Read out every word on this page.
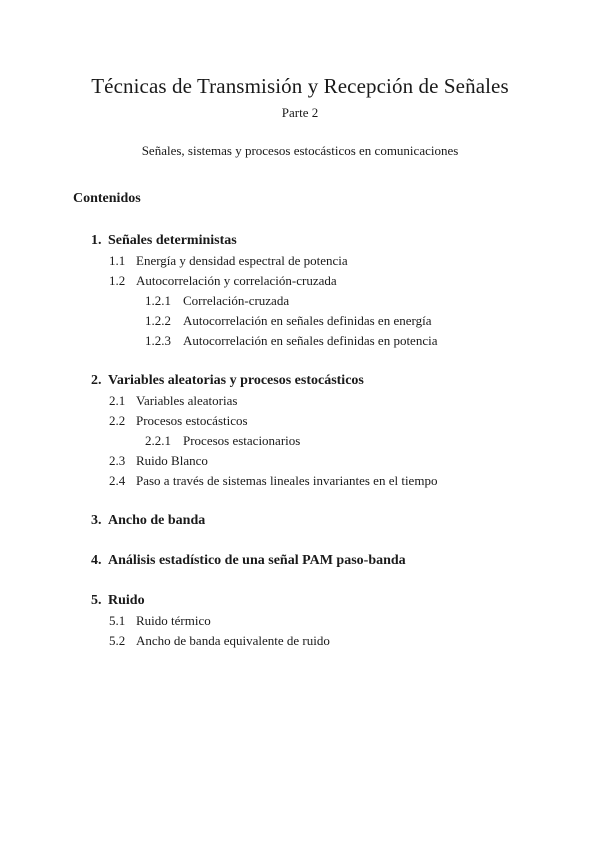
Técnicas de Transmisión y Recepción de Señales
Parte 2
Señales, sistemas y procesos estocásticos en comunicaciones
Contenidos
1. Señales deterministas
1.1 Energía y densidad espectral de potencia
1.2 Autocorrelación y correlación-cruzada
1.2.1 Correlación-cruzada
1.2.2 Autocorrelación en señales definidas en energía
1.2.3 Autocorrelación en señales definidas en potencia
2. Variables aleatorias y procesos estocásticos
2.1 Variables aleatorias
2.2 Procesos estocásticos
2.2.1 Procesos estacionarios
2.3 Ruido Blanco
2.4 Paso a través de sistemas lineales invariantes en el tiempo
3. Ancho de banda
4. Análisis estadístico de una señal PAM paso-banda
5. Ruido
5.1 Ruido térmico
5.2 Ancho de banda equivalente de ruido
